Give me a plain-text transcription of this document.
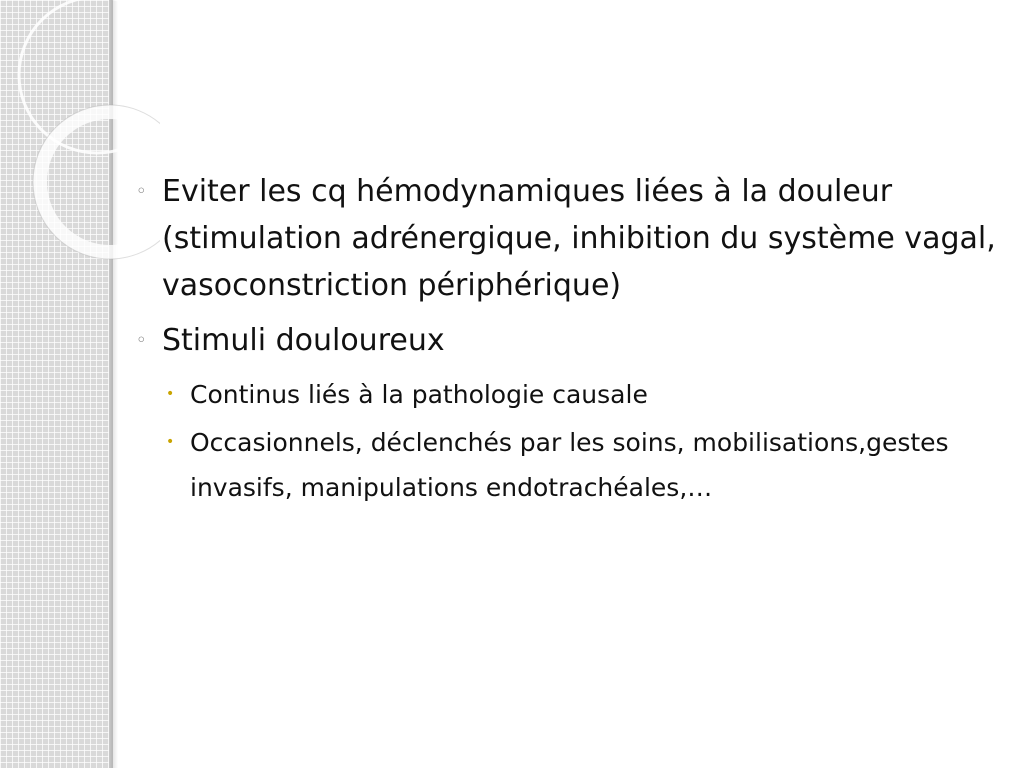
◦ Eviter les cq hémodynamiques liées à la douleur
(stimulation adrénergique, inhibition du système vagal,
vasoconstriction périphérique)
◦ Stimuli douloureux
• Continus liés à la pathologie causale
• Occasionnels, déclenchés par les soins, mobilisations,gestes
invasifs, manipulations endotrachéales,…
